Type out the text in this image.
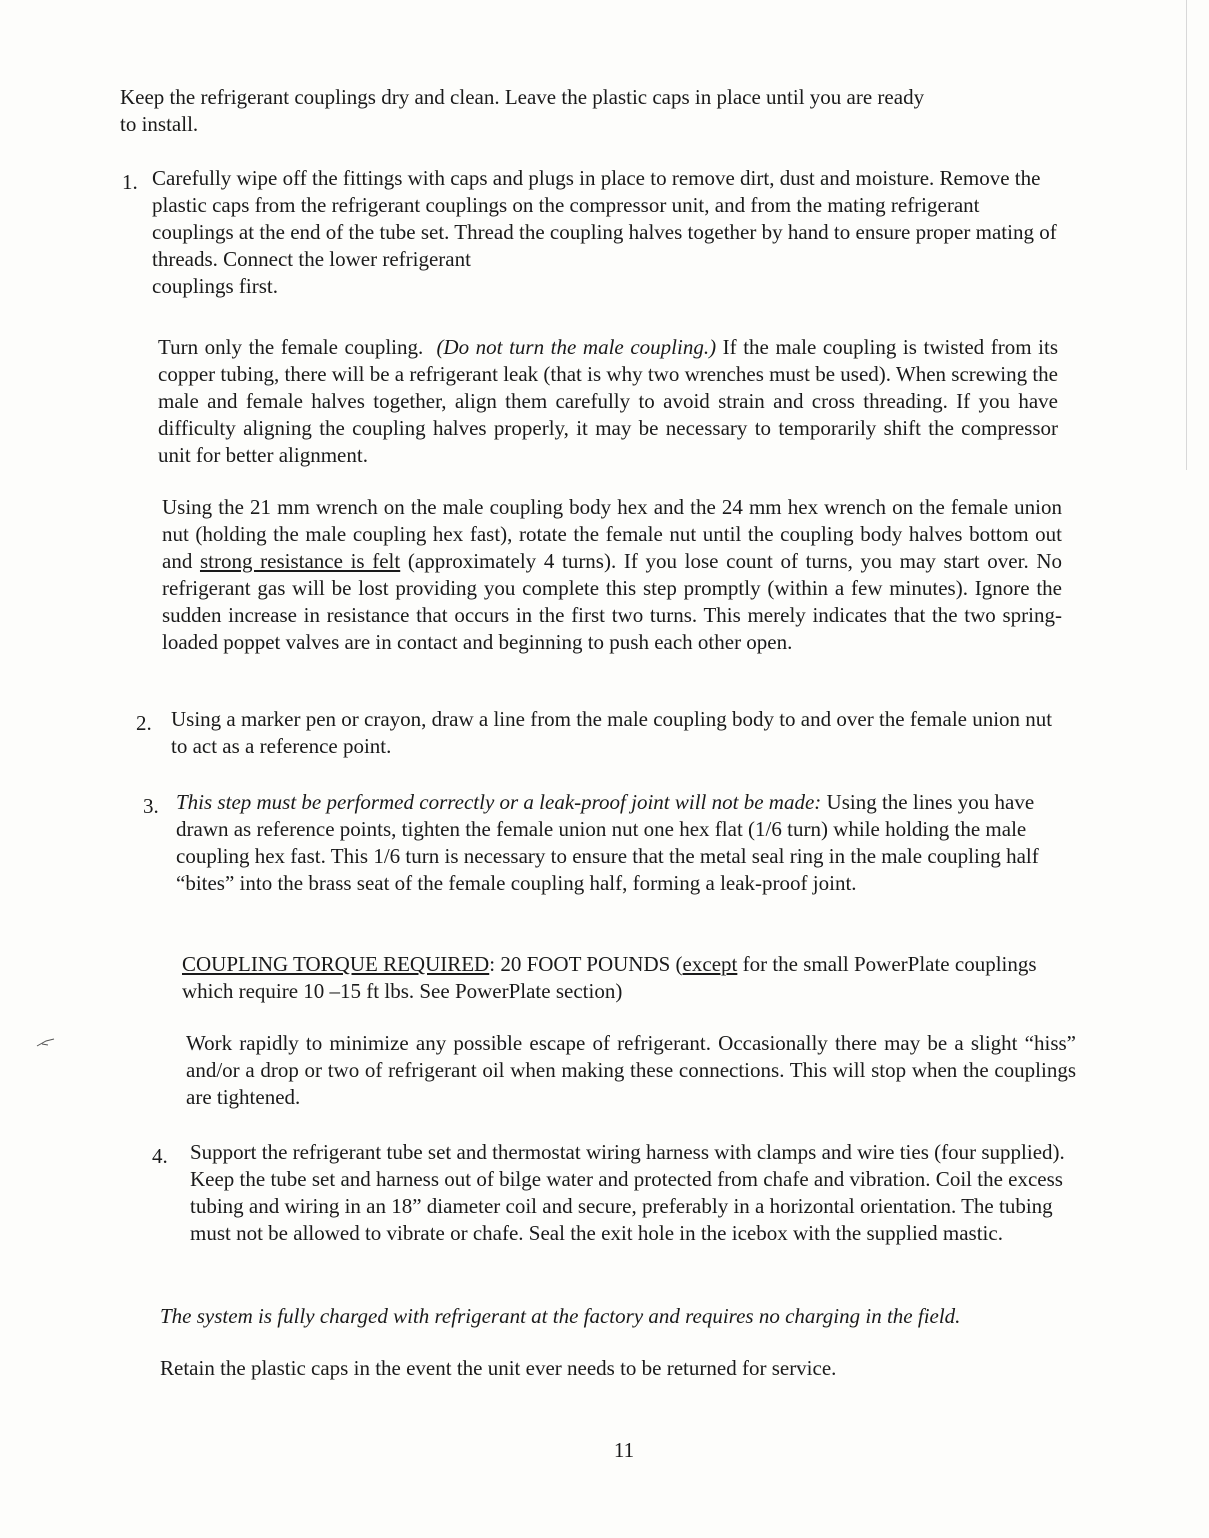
Keep the refrigerant couplings dry and clean. Leave the plastic caps in place until you are ready

to install.

1. Carefully wipe off the fittings with caps and plugs in place to remove dirt, dust and moisture. Remove the plastic caps from the refrigerant couplings on the compressor unit, and from the mating refrigerant couplings at the end of the tube set. Thread the coupling halves together by hand to ensure proper mating of threads. Connect the lower refrigerant
couplings first.

Turn only the female coupling. (Do not turn the male coupling.) If the male coupling is twisted from its copper tubing, there will be a refrigerant leak (that is why two wrenches must be used). When screwing the male and female halves together, align them carefully to avoid strain and cross threading. If you have difficulty aligning the coupling halves properly, it may be necessary to temporarily shift the compressor unit for better alignment.

Using the 21 mm wrench on the male coupling body hex and the 24 mm hex wrench on the female union nut (holding the male coupling hex fast), rotate the female nut until the coupling body halves bottom out and strong resistance is felt (approximately 4 turns). If you lose count of turns, you may start over. No refrigerant gas will be lost providing you complete this step promptly (within a few minutes). Ignore the sudden increase in resistance that occurs in the first two turns. This merely indicates that the two spring-loaded poppet valves are in contact and beginning to push each other open.

2. Using a marker pen or crayon, draw a line from the male coupling body to and over the female union nut to act as a reference point.

3. This step must be performed correctly or a leak-proof joint will not be made: Using the lines you have drawn as reference points, tighten the female union nut one hex flat (1/6 turn) while holding the male coupling hex fast. This 1/6 turn is necessary to ensure that the metal seal ring in the male coupling half “bites” into the brass seat of the female coupling half, forming a leak-proof joint.

COUPLING TORQUE REQUIRED: 20 FOOT POUNDS (except for the small PowerPlate couplings which require 10 –15 ft lbs. See PowerPlate section)

Work rapidly to minimize any possible escape of refrigerant. Occasionally there may be a slight “hiss” and/or a drop or two of refrigerant oil when making these connections. This will stop when the couplings are tightened.

4. Support the refrigerant tube set and thermostat wiring harness with clamps and wire ties (four supplied). Keep the tube set and harness out of bilge water and protected from chafe and vibration. Coil the excess tubing and wiring in an 18” diameter coil and secure, preferably in a horizontal orientation. The tubing must not be allowed to vibrate or chafe. Seal the exit hole in the icebox with the supplied mastic.

The system is fully charged with refrigerant at the factory and requires no charging in the field.

Retain the plastic caps in the event the unit ever needs to be returned for service.

11
